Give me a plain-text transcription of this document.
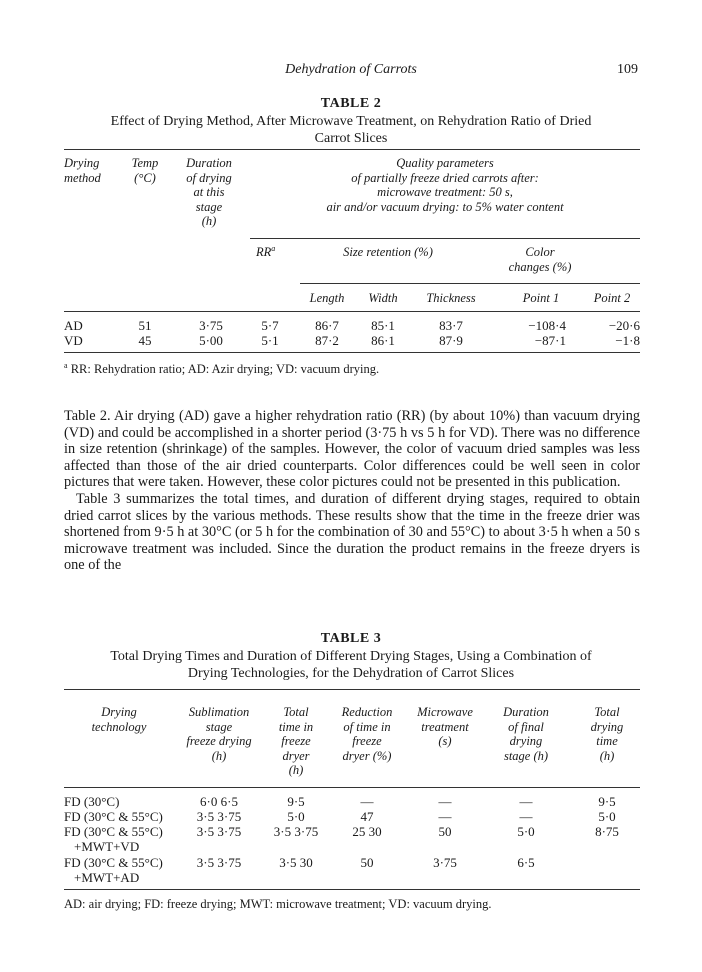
Dehydration of Carrots	109
TABLE 2
Effect of Drying Method, After Microwave Treatment, on Rehydration Ratio of Dried
Carrot Slices
Drying
method
Temp
(°C)
Duration
of drying
at this
stage
(h)
Quality parameters
of partially freeze dried carrots after:
microwave treatment: 50 s,
air and/or vacuum drying: to 5% water content
$RR^a$	Size retention (%)	Color
changes (%)
Length	Width	Thickness	Point 1	Point 2
AD	51	3·75	5·7	86·7	85·1	83·7	−108·4	−20·6
VD	45	5·00	5·1	87·2	86·1	87·9	−87·1	−1·8
$^a$ RR: Rehydration ratio; AD: Azir drying; VD: vacuum drying.

Table 2. Air drying (AD) gave a higher rehydration ratio (RR) (by about 10%) than vacuum drying (VD) and could be accomplished in a shorter period (3·75 h vs 5 h for VD). There was no difference in size retention (shrinkage) of the samples. However, the color of vacuum dried samples was less affected than those of the air dried counterparts. Color differences could be well seen in color pictures that were taken. However, these color pictures could not be presented in this publication.

Table 3 summarizes the total times, and duration of different drying stages, required to obtain dried carrot slices by the various methods. These results show that the time in the freeze drier was shortened from 9·5 h at 30°C (or 5 h for the combination of 30 and 55°C) to about 3·5 h when a 50 s microwave treatment was included. Since the duration the product remains in the freeze dryers is one of the

TABLE 3
Total Drying Times and Duration of Different Drying Stages, Using a Combination of
Drying Technologies, for the Dehydration of Carrot Slices
Drying
technology
Sublimation
stage
freeze drying
(h)
Total
time in
freeze
dryer
(h)
Reduction
of time in
freeze
dryer (%)
Microwave
treatment
(s)
Duration
of final
drying
stage (h)
Total
drying
time
(h)
FD (30°C)	6·0 6·5	9·5	—	—	—	9·5
FD (30°C & 55°C)	3·5 3·75	5·0	47	—	—	5·0
FD (30°C & 55°C)
+MWT+VD
3·5 3·75	3·5 3·75	25 30	50	5·0	8·75
FD (30°C & 55°C)
+MWT+AD
3·5 3·75	3·5 30	50	3·75	6·5
AD: air drying; FD: freeze drying; MWT: microwave treatment; VD: vacuum drying.
